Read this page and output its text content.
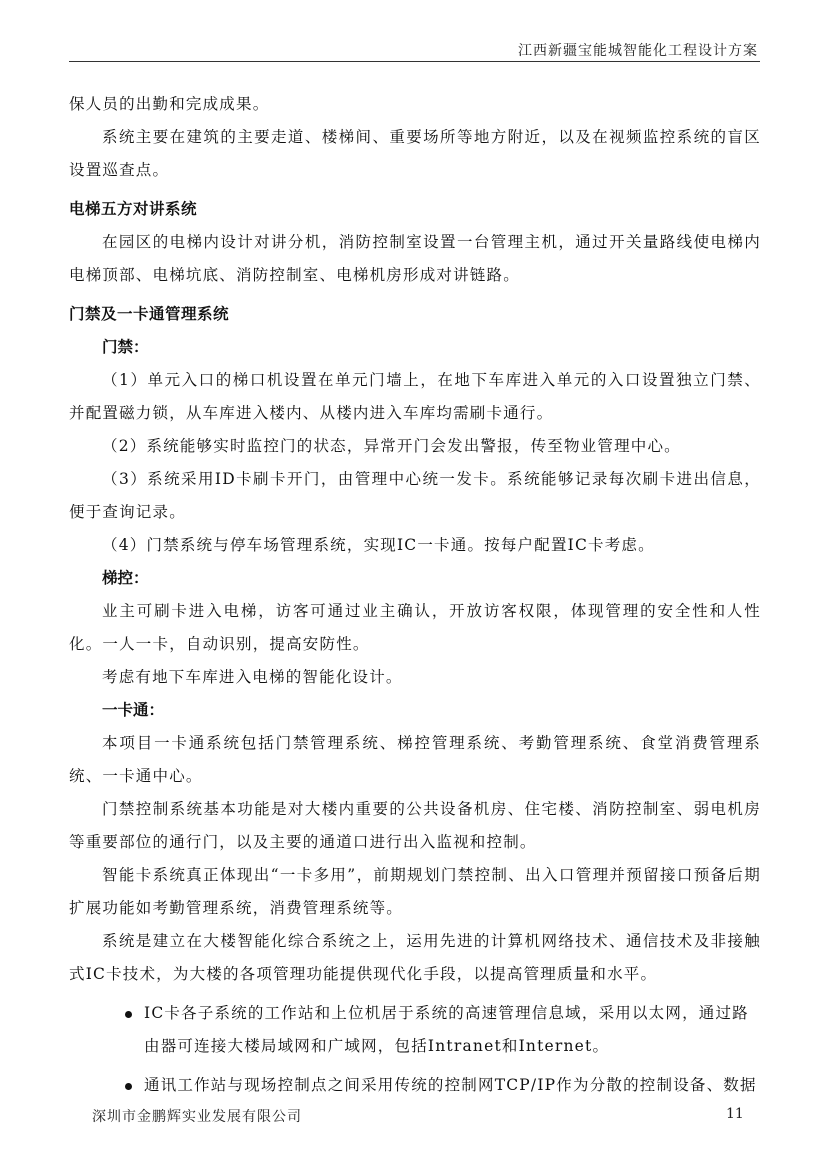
江西新疆宝能城智能化工程设计方案

保人员的出勤和完成成果。

系统主要在建筑的主要走道、楼梯间、重要场所等地方附近，以及在视频监控系统的盲区设置巡查点。

电梯五方对讲系统

在园区的电梯内设计对讲分机，消防控制室设置一台管理主机，通过开关量路线使电梯内电梯顶部、电梯坑底、消防控制室、电梯机房形成对讲链路。

门禁及一卡通管理系统

门禁：

（1）单元入口的梯口机设置在单元门墙上，在地下车库进入单元的入口设置独立门禁、并配置磁力锁，从车库进入楼内、从楼内进入车库均需刷卡通行。

（2）系统能够实时监控门的状态，异常开门会发出警报，传至物业管理中心。

（3）系统采用ID卡刷卡开门，由管理中心统一发卡。系统能够记录每次刷卡进出信息，便于查询记录。

（4）门禁系统与停车场管理系统，实现IC一卡通。按每户配置IC卡考虑。

梯控：

业主可刷卡进入电梯，访客可通过业主确认，开放访客权限，体现管理的安全性和人性化。一人一卡，自动识别，提高安防性。

考虑有地下车库进入电梯的智能化设计。

一卡通：

本项目一卡通系统包括门禁管理系统、梯控管理系统、考勤管理系统、食堂消费管理系统、一卡通中心。

门禁控制系统基本功能是对大楼内重要的公共设备机房、住宅楼、消防控制室、弱电机房等重要部位的通行门，以及主要的通道口进行出入监视和控制。

智能卡系统真正体现出“一卡多用”，前期规划门禁控制、出入口管理并预留接口预备后期扩展功能如考勤管理系统，消费管理系统等。

系统是建立在大楼智能化综合系统之上，运用先进的计算机网络技术、通信技术及非接触式IC卡技术，为大楼的各项管理功能提供现代化手段，以提高管理质量和水平。

IC卡各子系统的工作站和上位机居于系统的高速管理信息域，采用以太网，通过路由器可连接大楼局域网和广域网，包括Intranet和Internet。

通讯工作站与现场控制点之间采用传统的控制网TCP/IP作为分散的控制设备、数据

深圳市金鹏辉实业发展有限公司	11
